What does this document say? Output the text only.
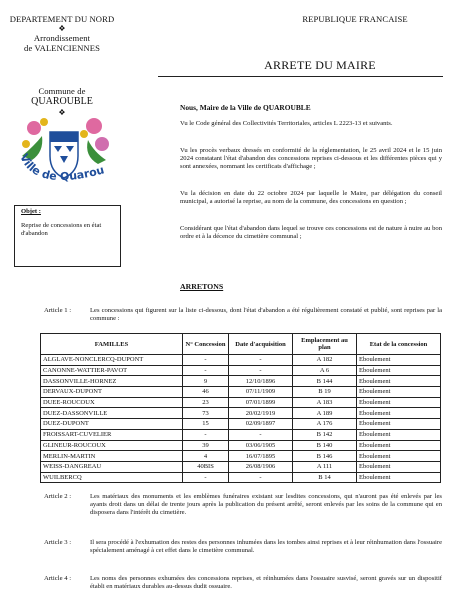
DEPARTEMENT DU NORD
❖
Arrondissement
de VALENCIENNES
Commune de
QUAROUBLE
❖
Ville de Quarou
Objet :
Reprise de concessions en état d'abandon
REPUBLIQUE FRANCAISE
ARRETE DU MAIRE
Nous, Maire de la Ville de QUAROUBLE
Vu le Code général des Collectivités Territoriales, articles L 2223-13 et suivants.
Vu les procès verbaux dressés en conformité de la réglementation, le 25 avril 2024 et le 15 juin 2024 constatant l'état d'abandon des concessions reprises ci-dessous et les différentes pièces qui y sont annexées, nommant les certificats d'affichage ;
Vu la décision en date du 22 octobre 2024 par laquelle le Maire, par délégation du conseil municipal, a autorisé la reprise, au nom de la commune, des concessions en question ;
Considérant que l'état d'abandon dans lequel se trouve ces concessions est de nature à nuire au bon ordre et à la décence du cimetière communal ;
ARRETONS
Article 1 :	Les concessions qui figurent sur la liste ci-dessous, dont l'état d'abandon a été régulièrement constaté et publié, sont reprises par la commune :
FAMILLES	N° Concession	Date d'acquisition	Emplacement au plan	Etat de la concession
ALGLAVE-NONCLERCQ-DUPONT	-	-	A 182	Eboulement
CANONNE-WATTIER-PAVOT	-	-	A 6	Eboulement
DASSONVILLE-HORNEZ	9	12/10/1896	B 144	Eboulement
DERVAUX-DUPONT	46	07/11/1909	B 19	Eboulement
DUEE-ROUCOUX	23	07/01/1899	A 183	Eboulement
DUEZ-DASSONVILLE	73	20/02/1919	A 189	Eboulement
DUEZ-DUPONT	15	02/09/1897	A 176	Eboulement
FROISSART-CUVELIER	-	-	B 142	Eboulement
GLINEUR-ROUCOUX	39	03/06/1905	B 140	Eboulement
MERLIN-MARTIN	4	16/07/1895	B 146	Eboulement
WEISS-DANGREAU	40BIS	26/08/1906	A 111	Eboulement
WUILBERCQ	-	-	B 14	Eboulement
Article 2 :	Les matériaux des monuments et les emblèmes funéraires existant sur lesdites concessions, qui n'auront pas été enlevés par les ayants droit dans un délai de trente jours après la publication du présent arrêté, seront enlevés par les soins de la commune qui en disposera dans l'intérêt du cimetière.
Article 3 :	Il sera procédé à l'exhumation des restes des personnes inhumées dans les tombes ainsi reprises et à leur réinhumation dans l'ossuaire spécialement aménagé à cet effet dans le cimetière communal.
Article 4 :	Les noms des personnes exhumées des concessions reprises, et réinhumées dans l'ossuaire susvisé, seront gravés sur un dispositif établi en matériaux durables au-dessus dudit ossuaire.
